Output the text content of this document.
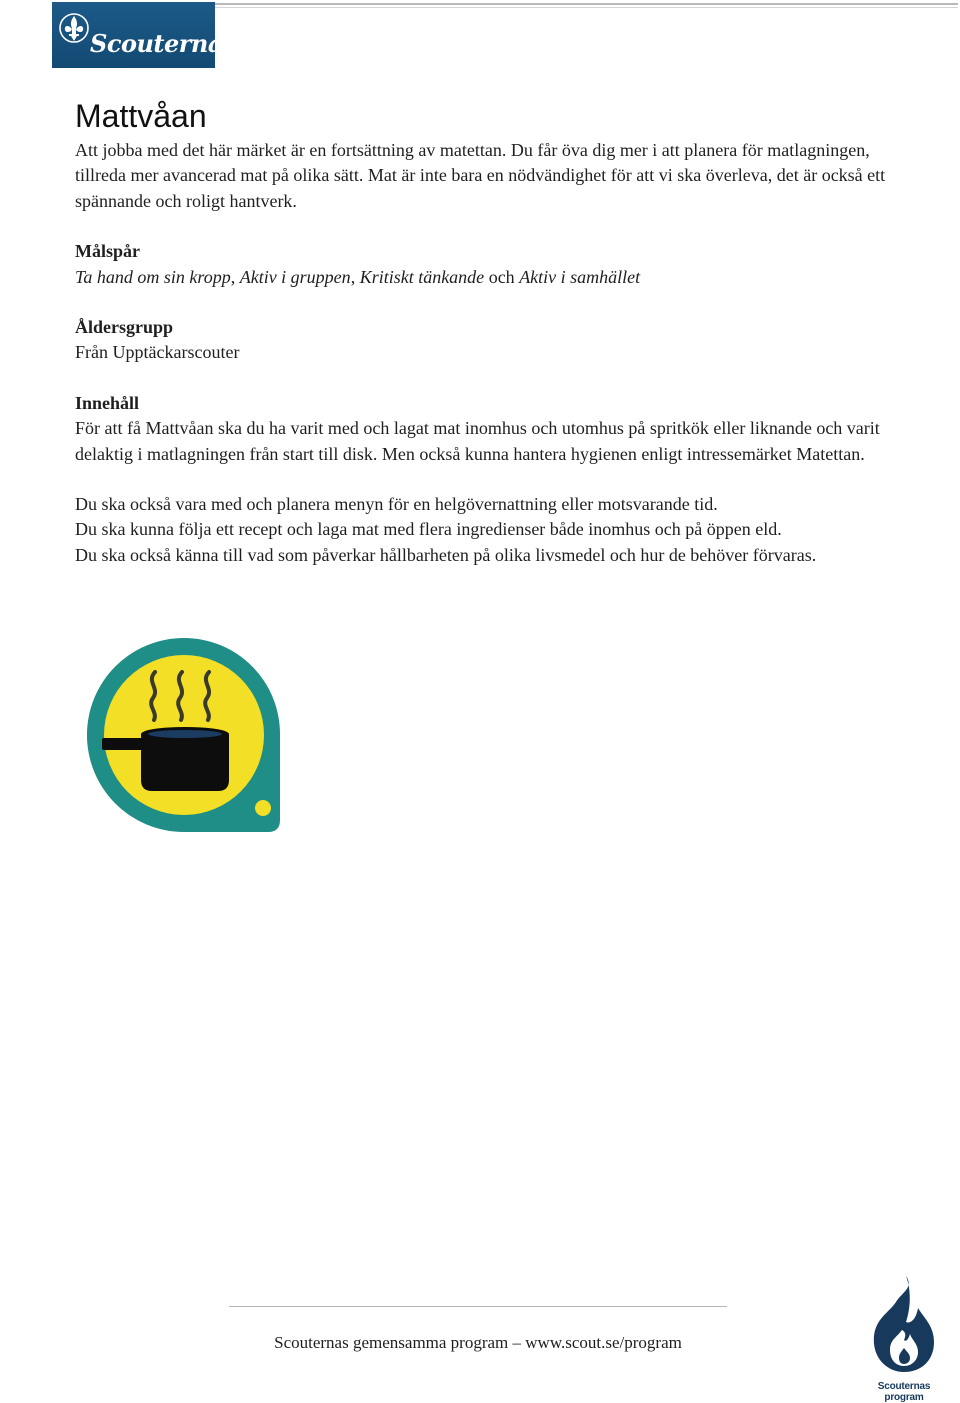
Scouterna
Mattvåan

Att jobba med det här märket är en fortsättning av matettan. Du får öva dig mer i att planera för matlagningen, tillreda mer avancerad mat på olika sätt. Mat är inte bara en nödvändighet för att vi ska överleva, det är också ett spännande och roligt hantverk.

Målspår

Ta hand om sin kropp, Aktiv i gruppen, Kritiskt tänkande och Aktiv i samhället

Åldersgrupp

Från Upptäckarscouter

Innehåll

För att få Mattvåan ska du ha varit med och lagat mat inomhus och utomhus på spritkök eller liknande och varit delaktig i matlagningen från start till disk. Men också kunna hantera hygienen enligt intressemärket Matettan.

Du ska också vara med och planera menyn för en helgövernattning eller motsvarande tid.

Du ska kunna följa ett recept och laga mat med flera ingredienser både inomhus och på öppen eld.

Du ska också känna till vad som påverkar hållbarheten på olika livsmedel och hur de behöver förvaras.

Scouternas gemensamma program – www.scout.se/program
Scouternas program
